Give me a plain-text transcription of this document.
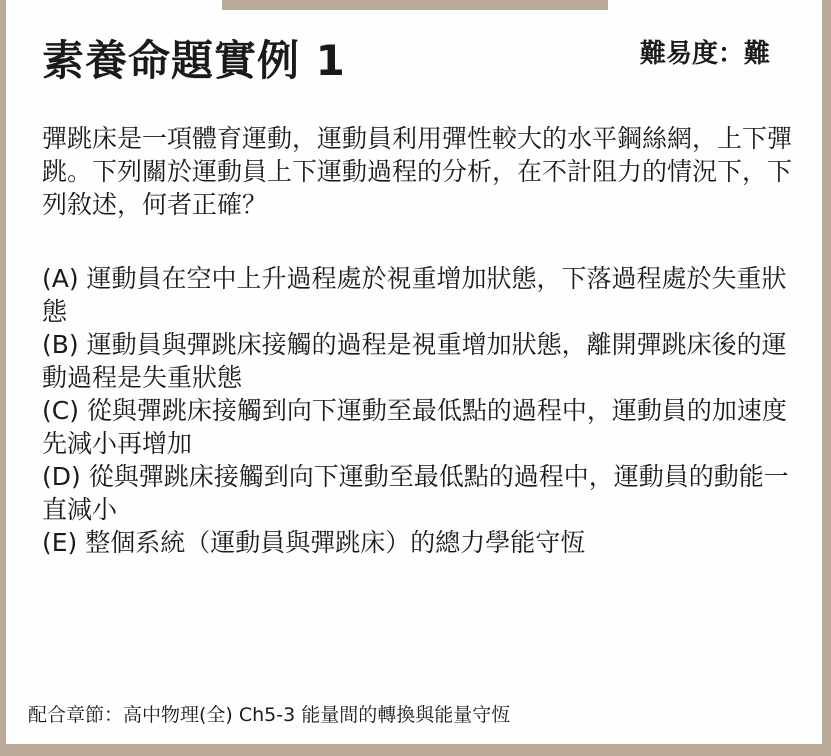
素養命題實例 1	難易度：難

彈跳床是一項體育運動，運動員利用彈性較大的水平鋼絲網，上下彈跳。下列關於運動員上下運動過程的分析，在不計阻力的情況下，下列敘述，何者正確？

(A) 運動員在空中上升過程處於視重增加狀態，下落過程處於失重狀態

(B) 運動員與彈跳床接觸的過程是視重增加狀態，離開彈跳床後的運動過程是失重狀態

(C) 從與彈跳床接觸到向下運動至最低點的過程中，運動員的加速度先減小再增加

(D) 從與彈跳床接觸到向下運動至最低點的過程中，運動員的動能一直減小

(E) 整個系統（運動員與彈跳床）的總力學能守恆

配合章節：高中物理(全) Ch5-3 能量間的轉換與能量守恆
